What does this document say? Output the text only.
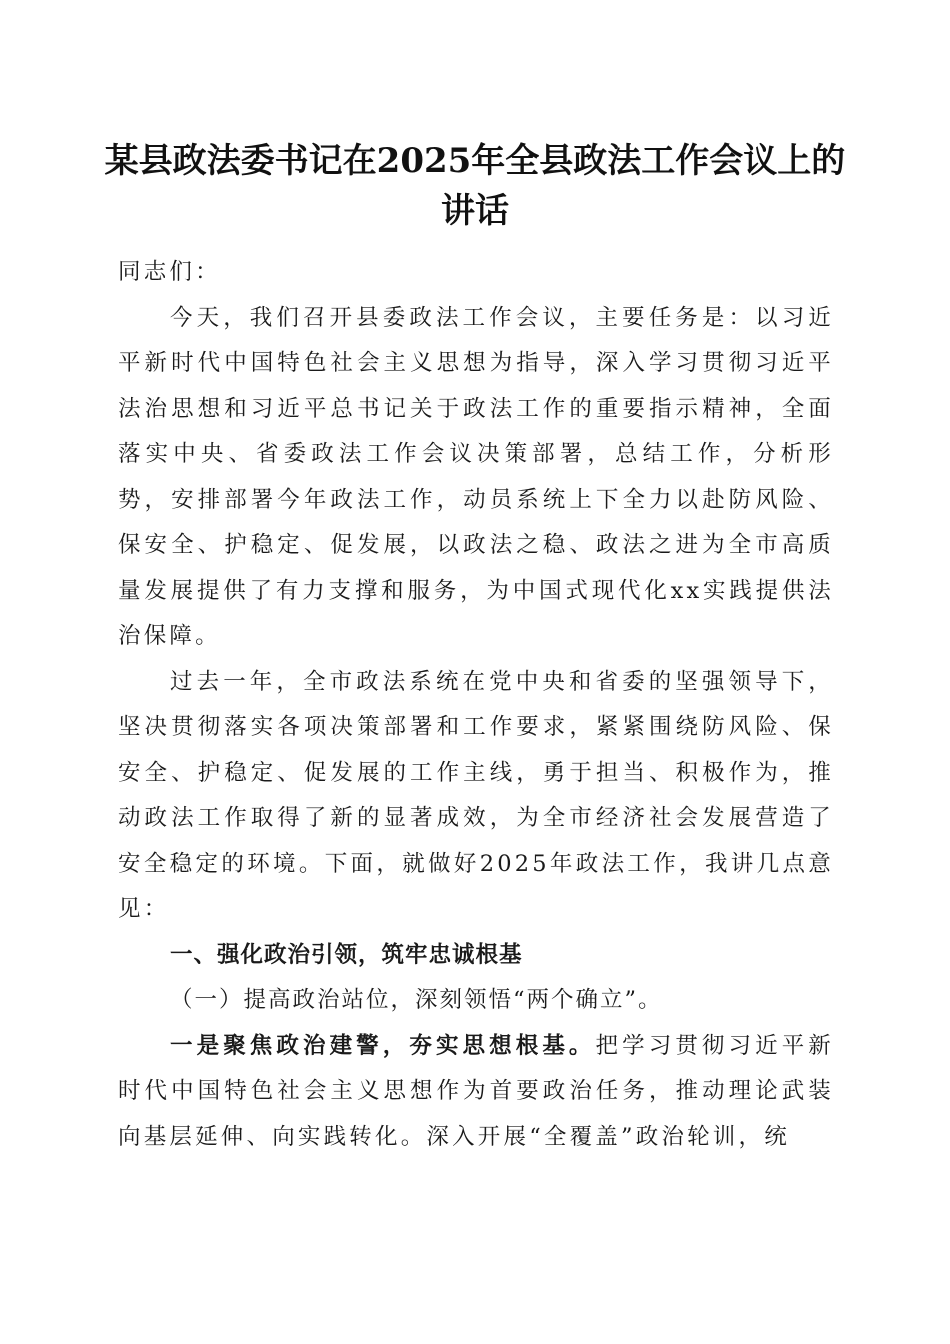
某县政法委书记在2025年全县政法工作会议上的讲话

同志们：

今天，我们召开县委政法工作会议，主要任务是：以习近平新时代中国特色社会主义思想为指导，深入学习贯彻习近平法治思想和习近平总书记关于政法工作的重要指示精神，全面落实中央、省委政法工作会议决策部署，总结工作，分析形势，安排部署今年政法工作，动员系统上下全力以赴防风险、保安全、护稳定、促发展，以政法之稳、政法之进为全市高质量发展提供了有力支撑和服务，为中国式现代化xx实践提供法治保障。

过去一年，全市政法系统在党中央和省委的坚强领导下，坚决贯彻落实各项决策部署和工作要求，紧紧围绕防风险、保安全、护稳定、促发展的工作主线，勇于担当、积极作为，推动政法工作取得了新的显著成效，为全市经济社会发展营造了安全稳定的环境。下面，就做好2025年政法工作，我讲几点意见：

一、强化政治引领，筑牢忠诚根基

（一）提高政治站位，深刻领悟“两个确立”。

一是聚焦政治建警，夯实思想根基。把学习贯彻习近平新时代中国特色社会主义思想作为首要政治任务，推动理论武装向基层延伸、向实践转化。深入开展“全覆盖”政治轮训，统
